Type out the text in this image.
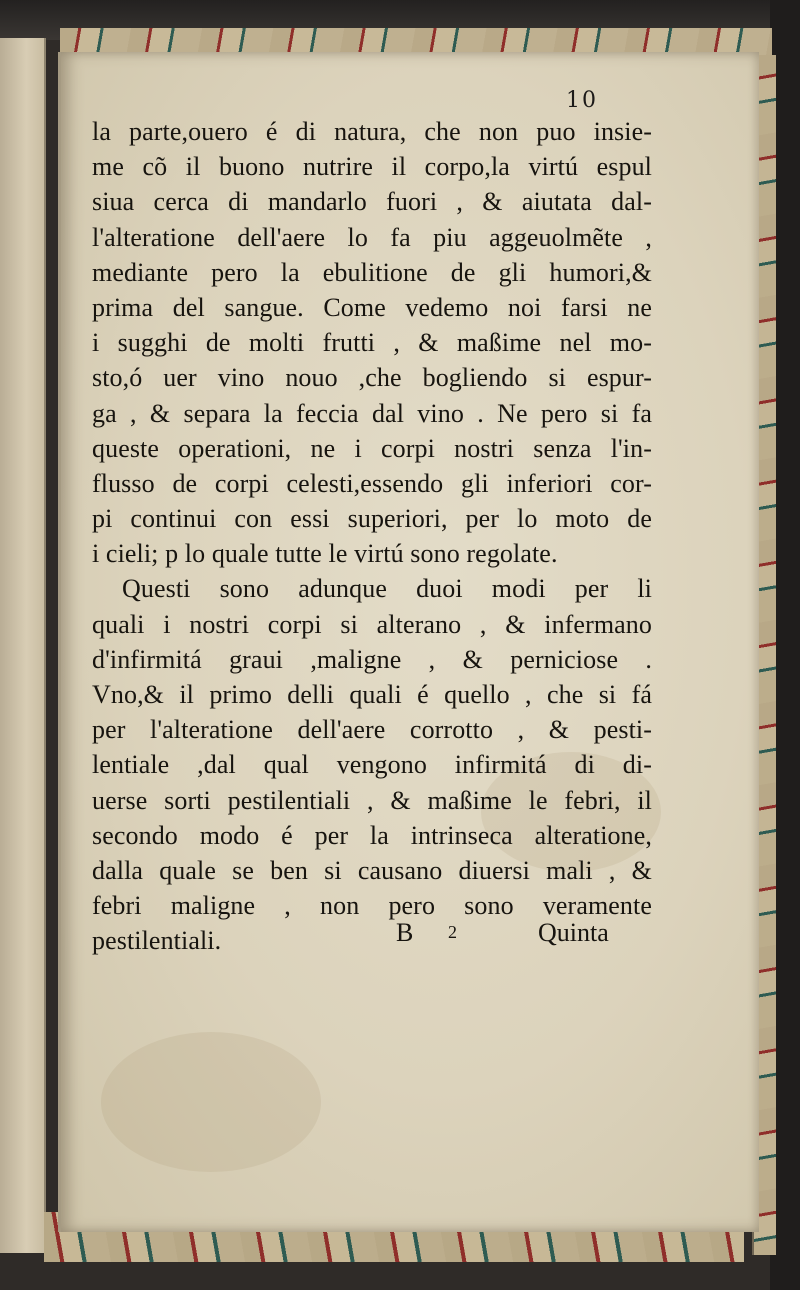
10
la parte,ouero é di natura, che non puo insie-
me cõ il buono nutrire il corpo,la virtú espul
siua cerca di mandarlo fuori , & aiutata dal-
l'alteratione dell'aere lo fa piu aggeuolmẽte ,
mediante pero la ebulitione de gli humori,&
prima del sangue. Come vedemo noi farsi ne
i sugghi de molti frutti , & maßime nel mo-
sto,ó uer vino nouo ,che bogliendo si espur-
ga , & separa la feccia dal vino . Ne pero si fa
queste operationi, ne i corpi nostri senza l'in-
flusso de corpi celesti,essendo gli inferiori cor-
pi continui con essi superiori, per lo moto de
i cieli; p lo quale tutte le virtú sono regolate.
Questi sono adunque duoi modi per li
quali i nostri corpi si alterano , & infermano
d'infirmitá graui ,maligne , & perniciose .
Vno,& il primo delli quali é quello , che si fá
per l'alteratione dell'aere corrotto , & pesti-
lentiale ,dal qual vengono infirmitá di di-
uerse sorti pestilentiali , & maßime le febri, il
secondo modo é per la intrinseca alteratione,
dalla quale se ben si causano diuersi mali , &
febri maligne , non pero sono veramente
pestilentiali.	B 2	Quinta
